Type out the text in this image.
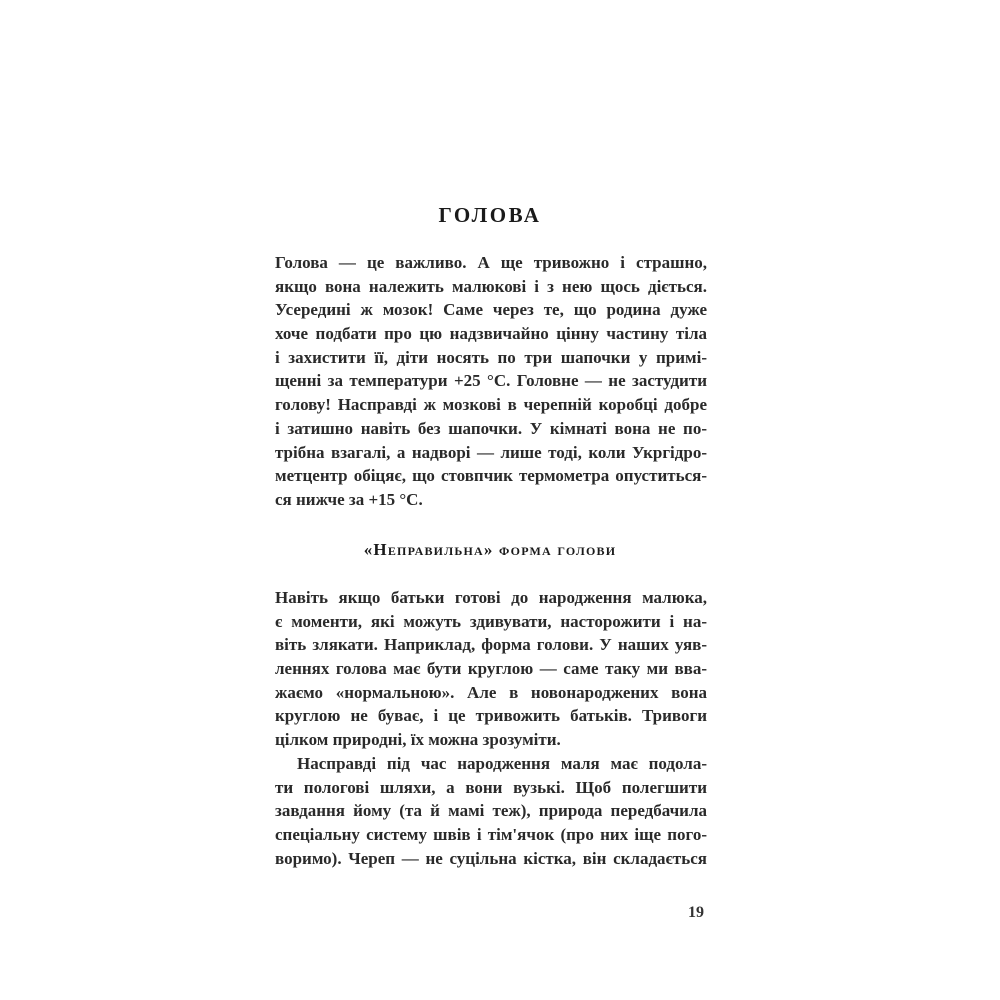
ГОЛОВА
Голова — це важливо. А ще тривожно і страшно,
якщо вона належить малюкові і з нею щось діється.
Усередині ж мозок! Саме через те, що родина дуже
хоче подбати про цю надзвичайно цінну частину тіла
і захистити її, діти носять по три шапочки у примі-
щенні за температури +25 °С. Головне — не застудити
голову! Насправді ж мозкові в черепній коробці добре
і затишно навіть без шапочки. У кімнаті вона не по-
трібна взагалі, а надворі — лише тоді, коли Укргідро-
метцентр обіцяє, що стовпчик термометра опуститься-
ся нижче за +15 °С.
«Неправильна» форма голови
Навіть якщо батьки готові до народження малюка,
є моменти, які можуть здивувати, насторожити і на-
віть злякати. Наприклад, форма голови. У наших уяв-
леннях голова має бути круглою — саме таку ми вва-
жаємо «нормальною». Але в новонароджених вона
круглою не буває, і це тривожить батьків. Тривоги
цілком природні, їх можна зрозуміти.
Насправді під час народження маля має подола-
ти пологові шляхи, а вони вузькі. Щоб полегшити
завдання йому (та й мамі теж), природа передбачила
спеціальну систему швів і тім'ячок (про них іще пого-
воримо). Череп — не суцільна кістка, він складається
19
